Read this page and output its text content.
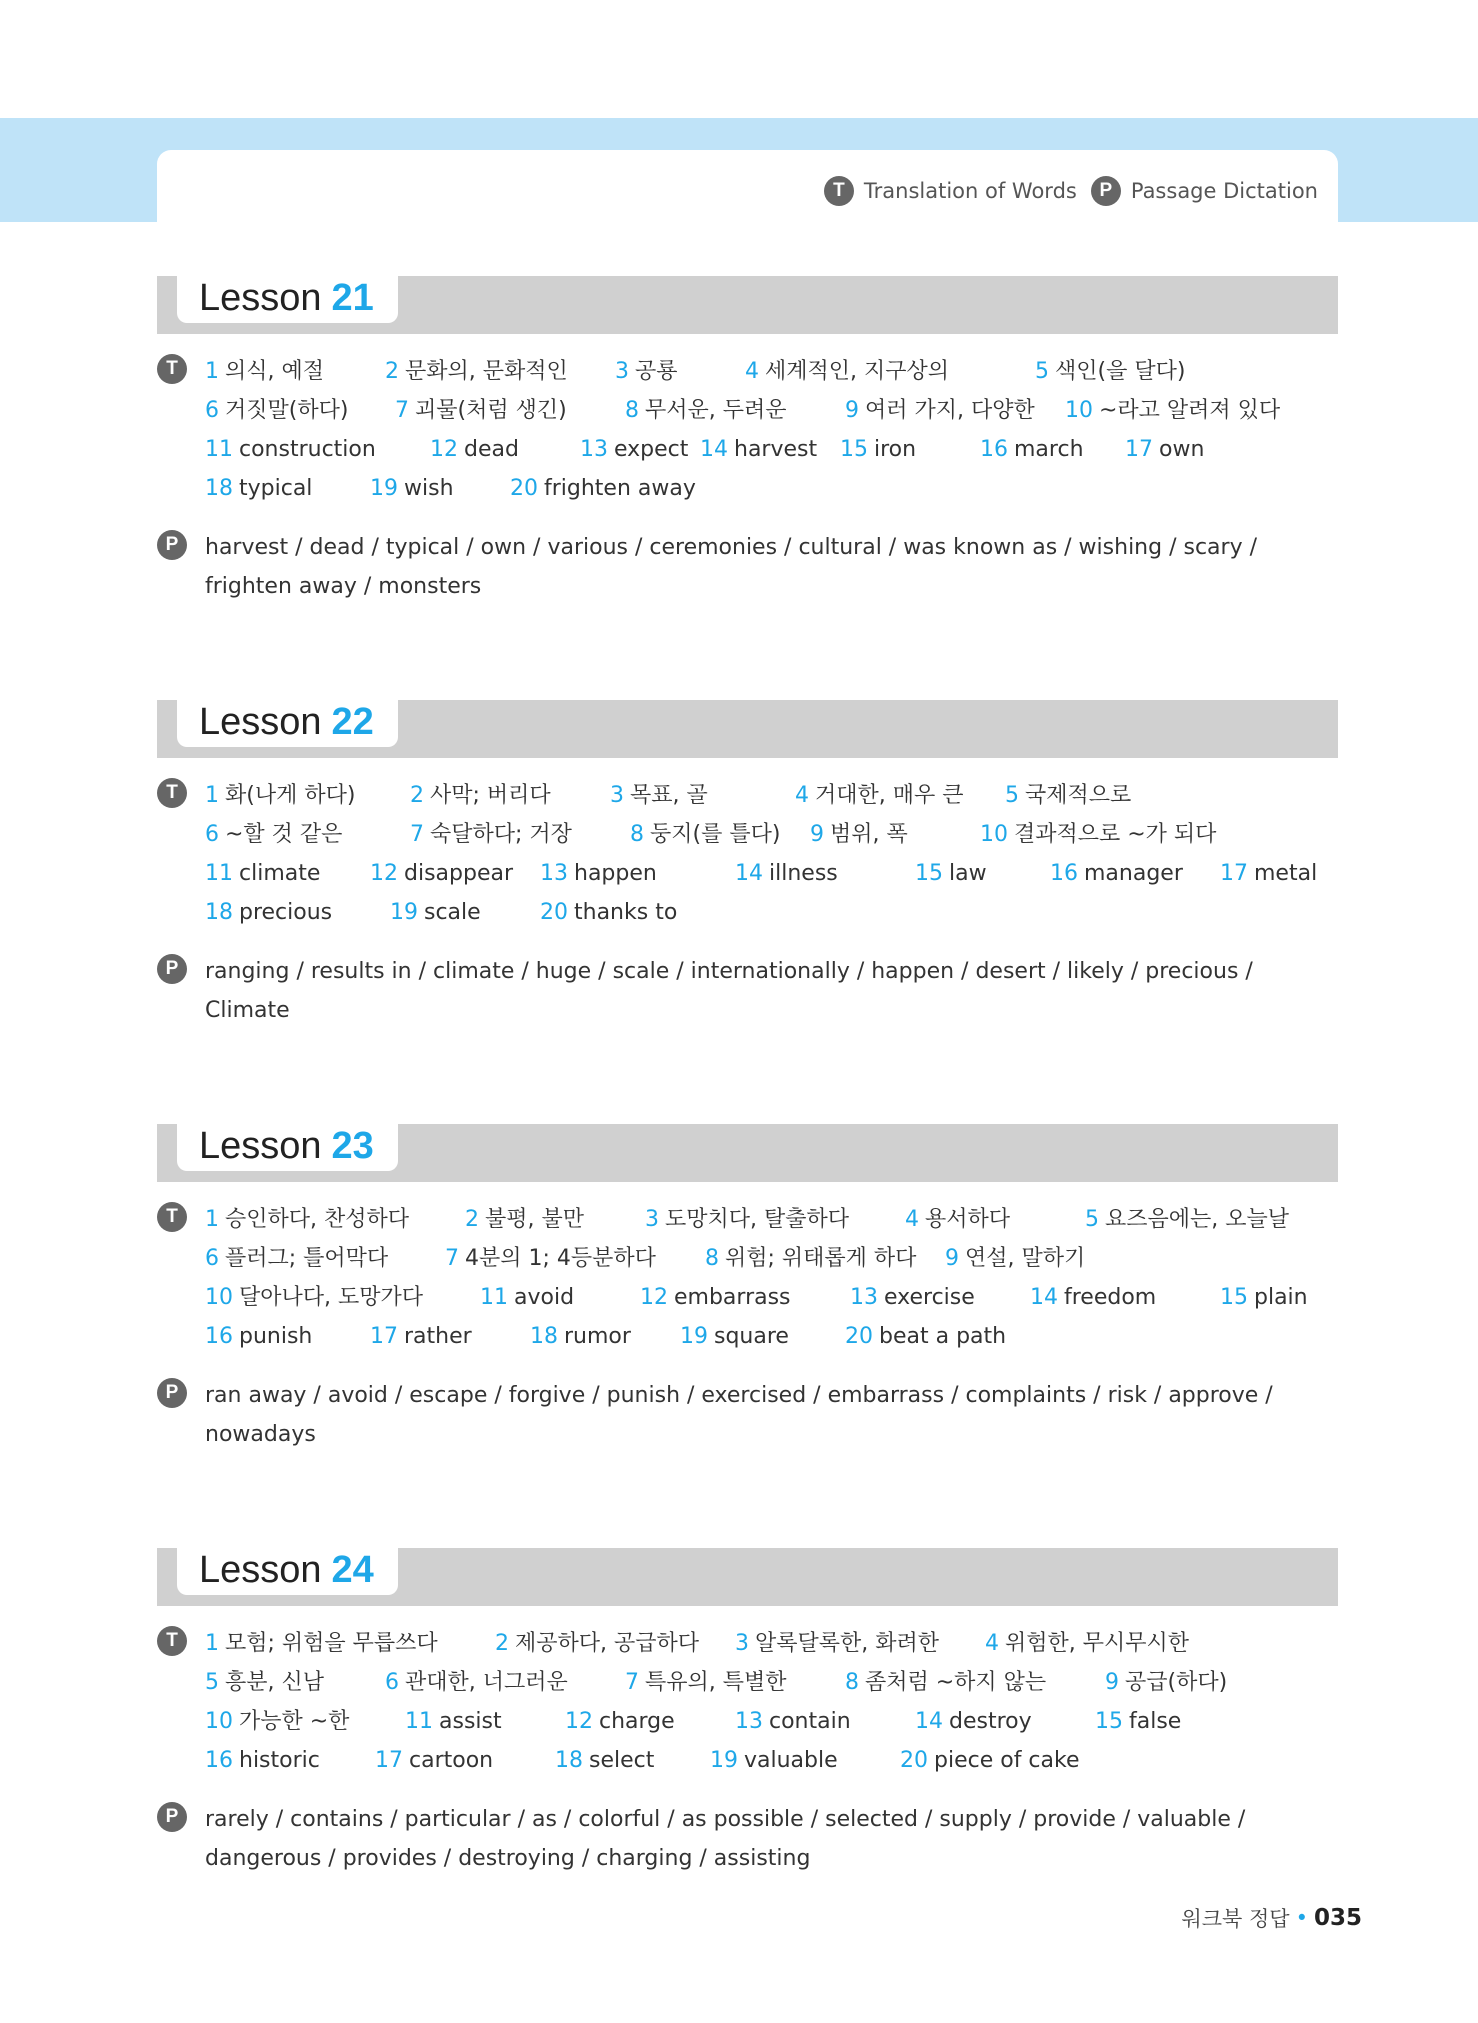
T Translation of Words	P Passage Dictation
Lesson 21
T	1 의식, 예절	2 문화의, 문화적인	3 공룡	4 세계적인, 지구상의	5 색인(을 달다)
6 거짓말(하다)	7 괴물(처럼 생긴)	8 무서운, 두려운	9 여러 가지, 다양한	10 ~라고 알려져 있다
11 construction	12 dead	13 expect 14 harvest	15 iron	16 march	17 own
18 typical	19 wish	20 frighten away
P	harvest / dead / typical / own / various / ceremonies / cultural / was known as / wishing / scary / frighten away / monsters
Lesson 22
T	1 화(나게 하다)	2 사막; 버리다	3 목표, 골	4 거대한, 매우 큰	5 국제적으로
6 ~할 것 같은	7 숙달하다; 거장	8 둥지(를 틀다)	9 범위, 폭	10 결과적으로 ~가 되다
11 climate	12 disappear	13 happen	14 illness	15 law	16 manager	17 metal
18 precious	19 scale	20 thanks to
P	ranging / results in / climate / huge / scale / internationally / happen / desert / likely / precious / Climate
Lesson 23
T	1 승인하다, 찬성하다	2 불평, 불만	3 도망치다, 탈출하다	4 용서하다	5 요즈음에는, 오늘날
6 플러그; 틀어막다	7 4분의 1; 4등분하다	8 위험; 위태롭게 하다	9 연설, 말하기
10 달아나다, 도망가다	11 avoid	12 embarrass	13 exercise	14 freedom	15 plain
16 punish	17 rather	18 rumor	19 square	20 beat a path
P	ran away / avoid / escape / forgive / punish / exercised / embarrass / complaints / risk / approve / nowadays
Lesson 24
T	1 모험; 위험을 무릅쓰다	2 제공하다, 공급하다	3 알록달록한, 화려한	4 위험한, 무시무시한
5 흥분, 신남	6 관대한, 너그러운	7 특유의, 특별한	8 좀처럼 ~하지 않는	9 공급(하다)
10 가능한 ~한	11 assist	12 charge	13 contain	14 destroy	15 false
16 historic	17 cartoon	18 select	19 valuable	20 piece of cake
P	rarely / contains / particular / as / colorful / as possible / selected / supply / provide / valuable / dangerous / provides / destroying / charging / assisting
워크북 정답 • 035
